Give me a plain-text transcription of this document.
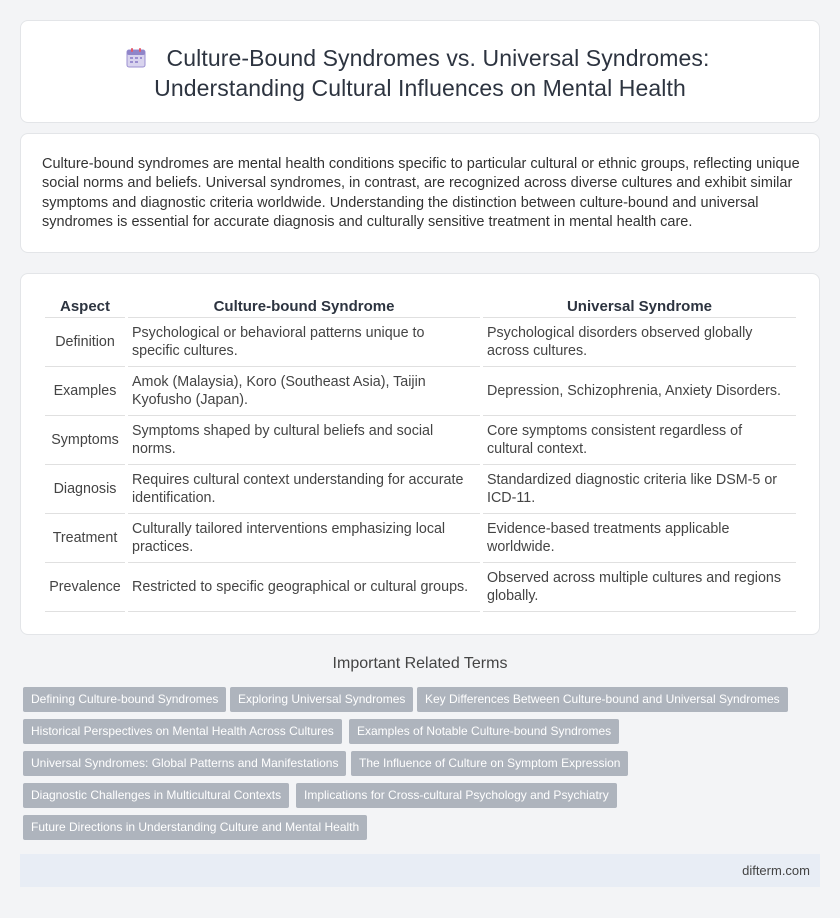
Culture-Bound Syndromes vs. Universal Syndromes:
Understanding Cultural Influences on Mental Health

Culture-bound syndromes are mental health conditions specific to particular cultural or ethnic groups, reflecting unique social norms and beliefs. Universal syndromes, in contrast, are recognized across diverse cultures and exhibit similar symptoms and diagnostic criteria worldwide. Understanding the distinction between culture-bound and universal syndromes is essential for accurate diagnosis and culturally sensitive treatment in mental health care.

Aspect	Culture-bound Syndrome	Universal Syndrome
Definition	Psychological or behavioral patterns unique to specific cultures.	Psychological disorders observed globally across cultures.
Examples	Amok (Malaysia), Koro (Southeast Asia), Taijin Kyofusho (Japan).	Depression, Schizophrenia, Anxiety Disorders.
Symptoms	Symptoms shaped by cultural beliefs and social norms.	Core symptoms consistent regardless of cultural context.
Diagnosis	Requires cultural context understanding for accurate identification.	Standardized diagnostic criteria like DSM-5 or ICD-11.
Treatment	Culturally tailored interventions emphasizing local practices.	Evidence-based treatments applicable worldwide.
Prevalence	Restricted to specific geographical or cultural groups.	Observed across multiple cultures and regions globally.
Important Related Terms
Defining Culture-bound Syndromes	Exploring Universal Syndromes	Key Differences Between Culture-bound and Universal Syndromes
Historical Perspectives on Mental Health Across Cultures	Examples of Notable Culture-bound Syndromes
Universal Syndromes: Global Patterns and Manifestations	The Influence of Culture on Symptom Expression
Diagnostic Challenges in Multicultural Contexts	Implications for Cross-cultural Psychology and Psychiatry
Future Directions in Understanding Culture and Mental Health
difterm.com
